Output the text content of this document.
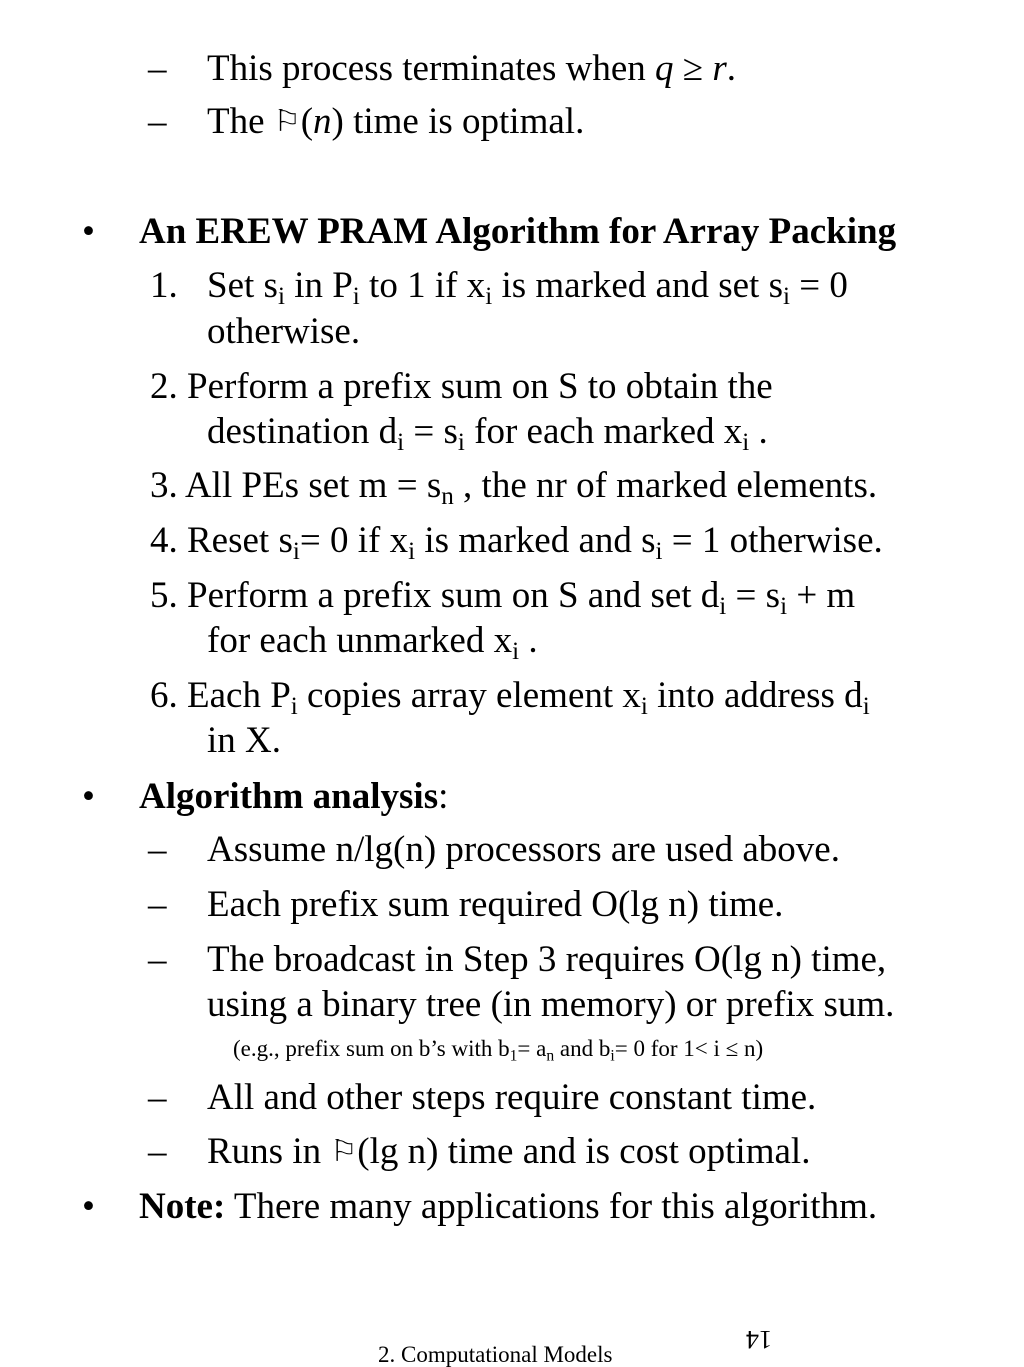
– This process terminates when q ≥ r.
– The ⚐(n) time is optimal.
• An EREW PRAM Algorithm for Array Packing
1. Set $s_i$ in $P_i$ to 1 if $x_i$ is marked and set $s_i = 0$
otherwise.
2. Perform a prefix sum on S to obtain the
destination $d_i = s_i$ for each marked $x_i$ .
3. All PEs set $m = s_n$ , the nr of marked elements.
4. Reset $s_i= 0$ if $x_i$ is marked and $s_i = 1$ otherwise.
5. Perform a prefix sum on S and set $d_i = s_i + m$
for each unmarked $x_i$ .
6. Each $P_i$ copies array element $x_i$ into address $d_i$
in X.
• Algorithm analysis:
– Assume n/lg(n) processors are used above.
– Each prefix sum required O(lg n) time.
– The broadcast in Step 3 requires O(lg n) time,
using a binary tree (in memory) or prefix sum.
(e.g., prefix sum on b’s with $b_1= a_n$ and $b_i= 0$ for 1< i ≤ n)
– All and other steps require constant time.
– Runs in ⚐(lg n) time and is cost optimal.
• Note: There many applications for this algorithm.
2. Computational Models
14
